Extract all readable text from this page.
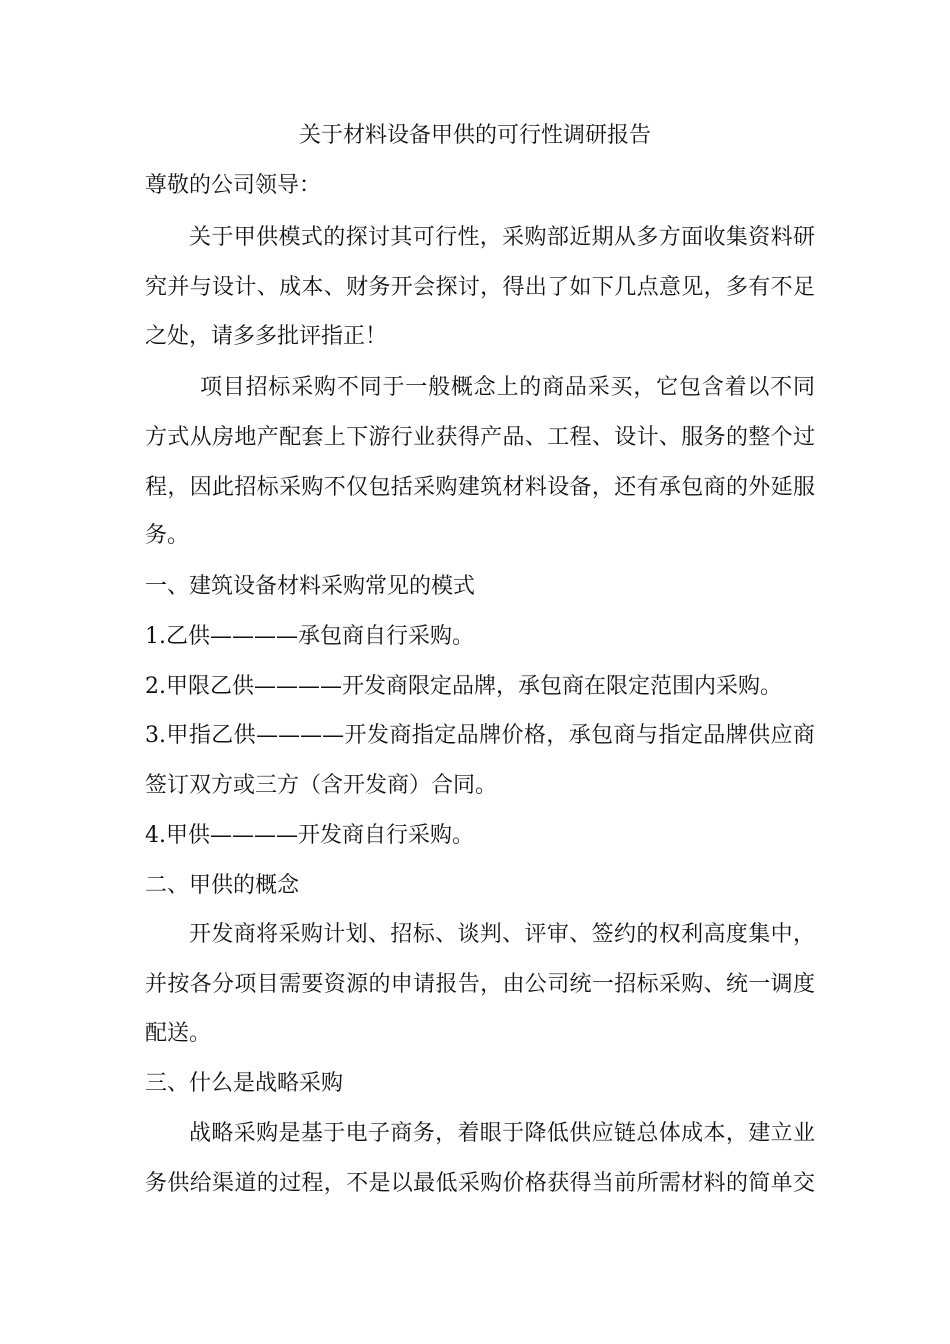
关于材料设备甲供的可行性调研报告
尊敬的公司领导：
关于甲供模式的探讨其可行性，采购部近期从多方面收集资料研
究并与设计、成本、财务开会探讨，得出了如下几点意见，多有不足
之处，请多多批评指正！
项目招标采购不同于一般概念上的商品采买，它包含着以不同
方式从房地产配套上下游行业获得产品、工程、设计、服务的整个过
程，因此招标采购不仅包括采购建筑材料设备，还有承包商的外延服
务。
一、建筑设备材料采购常见的模式
1.乙供————承包商自行采购。
2.甲限乙供————开发商限定品牌，承包商在限定范围内采购。
3.甲指乙供————开发商指定品牌价格，承包商与指定品牌供应商
签订双方或三方（含开发商）合同。
4.甲供————开发商自行采购。
二、甲供的概念
开发商将采购计划、招标、谈判、评审、签约的权利高度集中，
并按各分项目需要资源的申请报告，由公司统一招标采购、统一调度
配送。
三、什么是战略采购
战略采购是基于电子商务，着眼于降低供应链总体成本，建立业
务供给渠道的过程，不是以最低采购价格获得当前所需材料的简单交
